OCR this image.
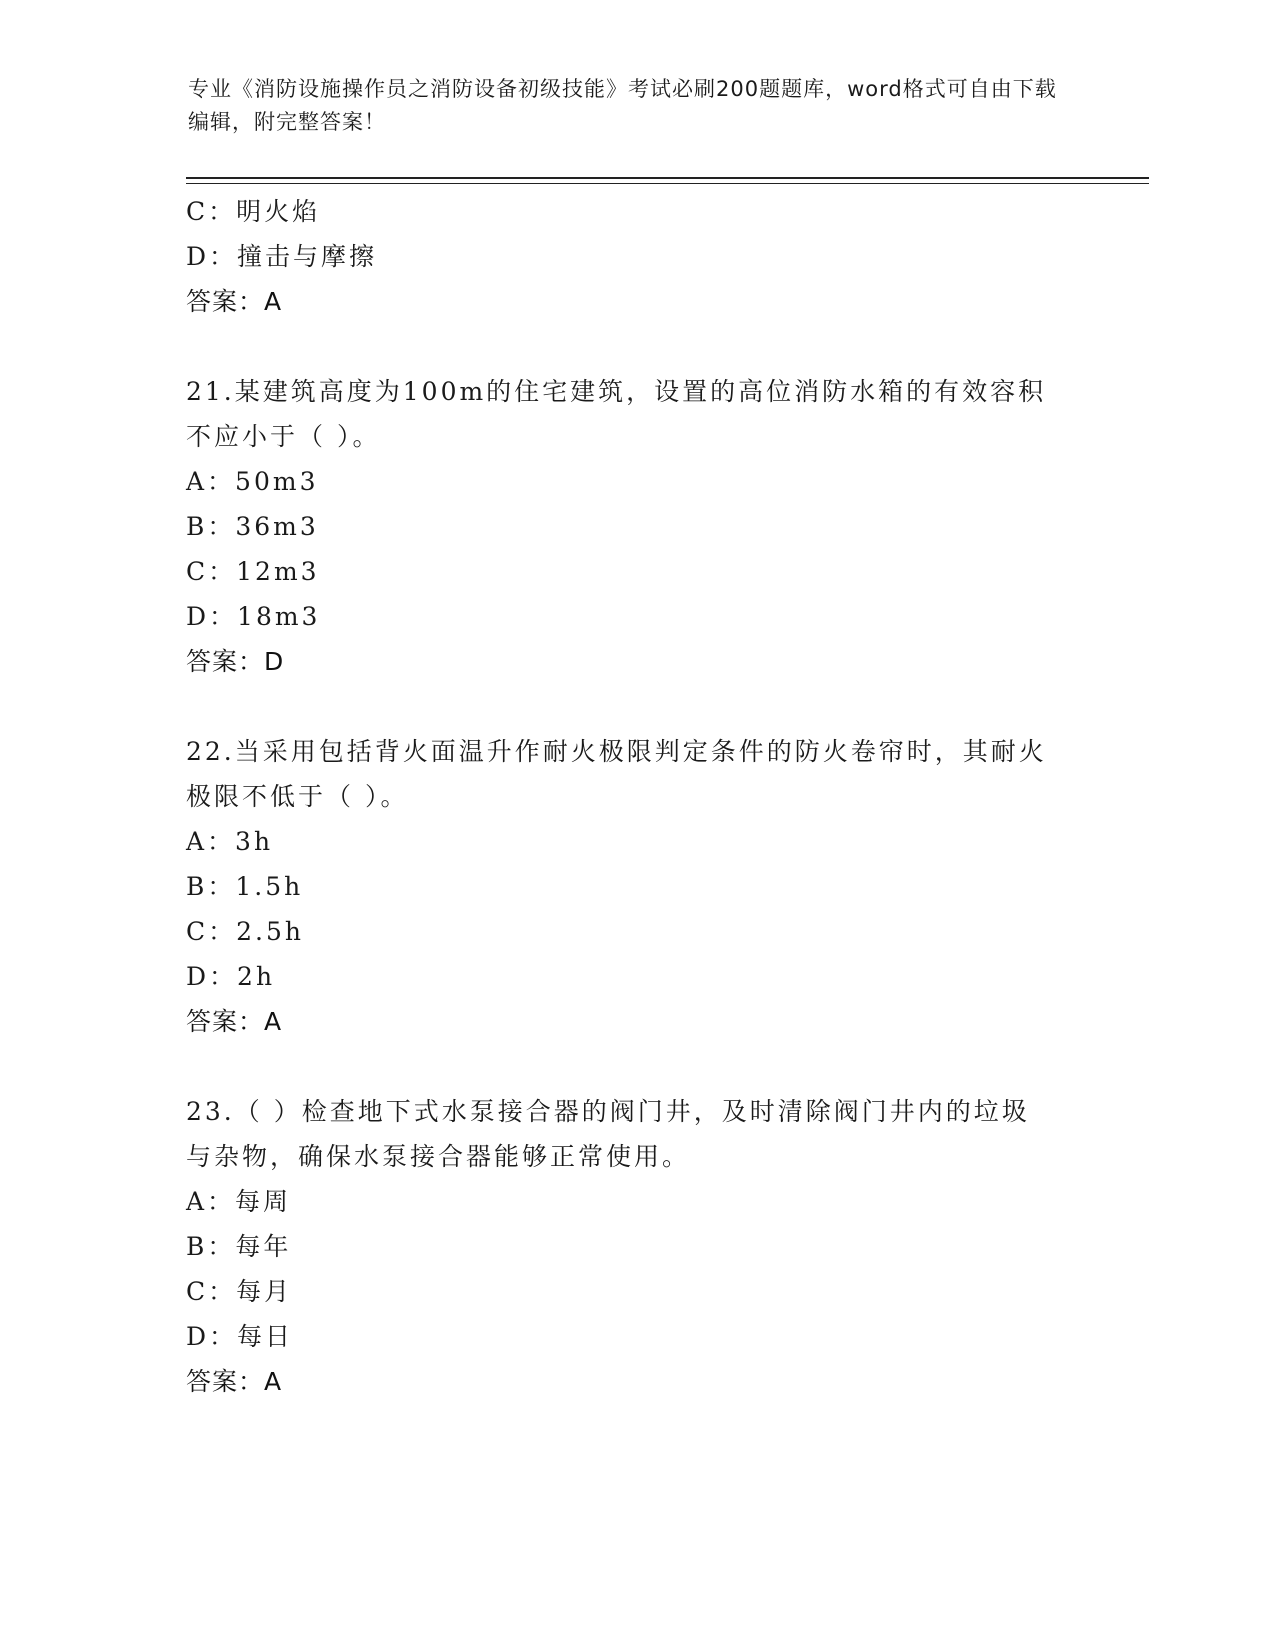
专业《消防设施操作员之消防设备初级技能》考试必刷200题题库，word格式可自由下载编辑，附完整答案！
C：明火焰
D：撞击与摩擦
答案：A
21.某建筑高度为100m的住宅建筑，设置的高位消防水箱的有效容积
不应小于（ ）。
A：50m3
B：36m3
C：12m3
D：18m3
答案：D
22.当采用包括背火面温升作耐火极限判定条件的防火卷帘时，其耐火
极限不低于（ ）。
A：3h
B：1.5h
C：2.5h
D：2h
答案：A
23.（ ）检查地下式水泵接合器的阀门井，及时清除阀门井内的垃圾
与杂物，确保水泵接合器能够正常使用。
A：每周
B：每年
C：每月
D：每日
答案：A
